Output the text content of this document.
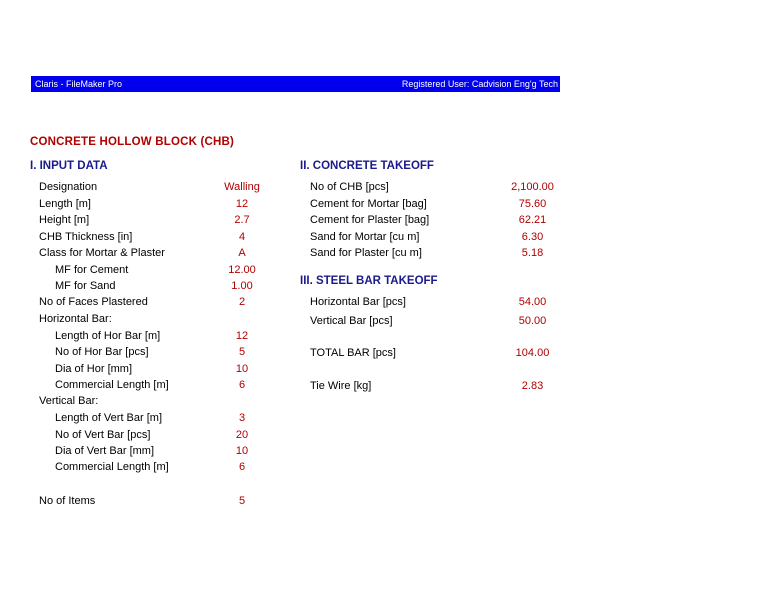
Claris - FileMaker Pro	Registered User: Cadvision Eng'g Tech
CONCRETE HOLLOW BLOCK (CHB)
I. INPUT DATA
Designation	Walling
Length [m]	12
Height [m]	2.7
CHB Thickness [in]	4
Class for Mortar & Plaster	A
MF for Cement	12.00
MF for Sand	1.00
No of Faces Plastered	2
Horizontal Bar:
Length of Hor Bar [m]	12
No of Hor Bar [pcs]	5
Dia of Hor [mm]	10
Commercial Length [m]	6
Vertical Bar:
Length of Vert Bar [m]	3
No of Vert Bar [pcs]	20
Dia of Vert Bar [mm]	10
Commercial Length [m]	6
No of Items	5
II. CONCRETE TAKEOFF
No of CHB [pcs]	2,100.00
Cement for Mortar [bag]	75.60
Cement for Plaster [bag]	62.21
Sand for Mortar [cu m]	6.30
Sand for Plaster [cu m]	5.18
III. STEEL BAR TAKEOFF
Horizontal Bar [pcs]	54.00
Vertical Bar [pcs]	50.00
TOTAL BAR [pcs]	104.00
Tie Wire [kg]	2.83
